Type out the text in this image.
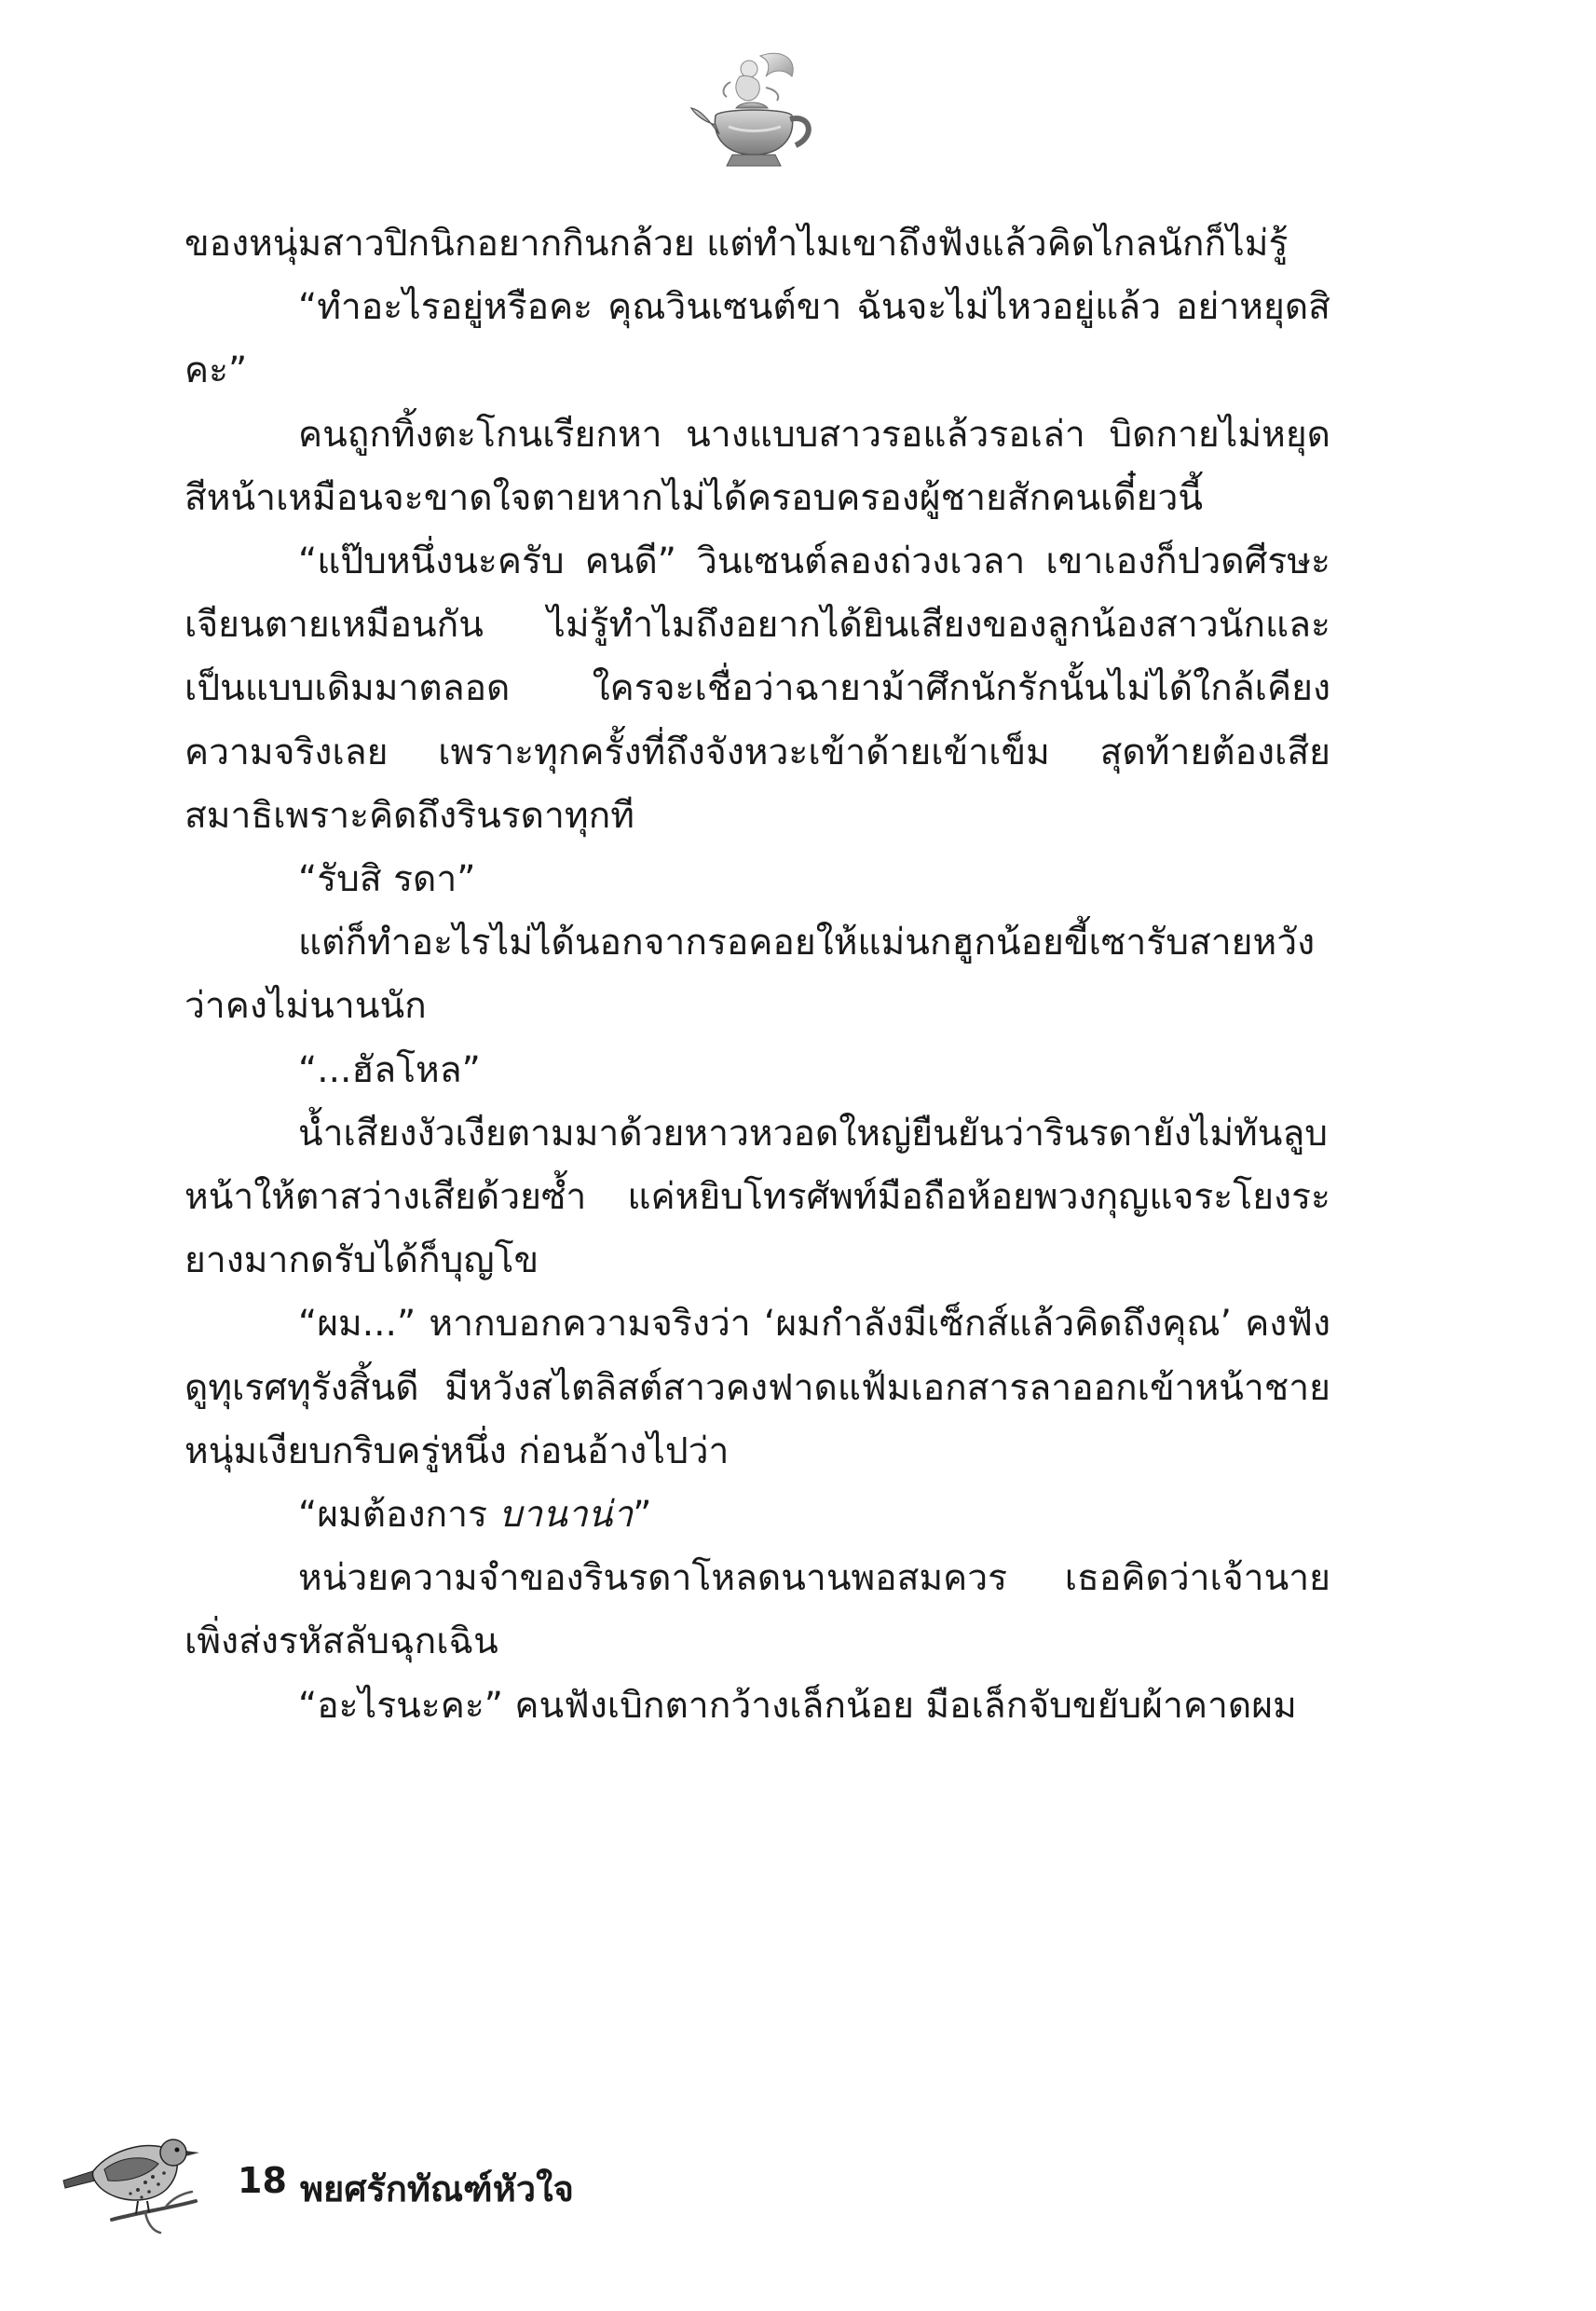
ของหนุ่มสาวปิกนิกอยากกินกล้วย แต่ทำไมเขาถึงฟังแล้วคิดไกลนักก็ไม่รู้

“ทำอะไรอยู่หรือคะ คุณวินเซนต์ขา ฉันจะไม่ไหวอยู่แล้ว อย่าหยุดสิคะ”

คนถูกทิ้งตะโกนเรียกหา นางแบบสาวรอแล้วรอเล่า บิดกายไม่หยุด สีหน้าเหมือนจะขาดใจตายหากไม่ได้ครอบครองผู้ชายสักคนเดี๋ยวนี้

“แป๊บหนึ่งนะครับ คนดี” วินเซนต์ลองถ่วงเวลา เขาเองก็ปวดศีรษะเจียนตายเหมือนกัน ไม่รู้ทำไมถึงอยากได้ยินเสียงของลูกน้องสาวนักและเป็นแบบเดิมมาตลอด ใครจะเชื่อว่าฉายาม้าศึกนักรักนั้นไม่ได้ใกล้เคียงความจริงเลย เพราะทุกครั้งที่ถึงจังหวะเข้าด้ายเข้าเข็ม สุดท้ายต้องเสียสมาธิเพราะคิดถึงรินรดาทุกที

“รับสิ รดา”

แต่ก็ทำอะไรไม่ได้นอกจากรอคอยให้แม่นกฮูกน้อยขี้เซารับสายหวังว่าคงไม่นานนัก

“...ฮัลโหล”

น้ำเสียงงัวเงียตามมาด้วยหาวหวอดใหญ่ยืนยันว่ารินรดายังไม่ทันลูบหน้าให้ตาสว่างเสียด้วยซ้ำ แค่หยิบโทรศัพท์มือถือห้อยพวงกุญแจระโยงระยางมากดรับได้ก็บุญโข

“ผม...” หากบอกความจริงว่า ‘ผมกำลังมีเซ็กส์แล้วคิดถึงคุณ’ คงฟังดูทุเรศทุรังสิ้นดี มีหวังสไตลิสต์สาวคงฟาดแฟ้มเอกสารลาออกเข้าหน้าชายหนุ่มเงียบกริบครู่หนึ่ง ก่อนอ้างไปว่า

“ผมต้องการ บานาน่า”

หน่วยความจำของรินรดาโหลดนานพอสมควร เธอคิดว่าเจ้านายเพิ่งส่งรหัสลับฉุกเฉิน

“อะไรนะคะ” คนฟังเบิกตากว้างเล็กน้อย มือเล็กจับขยับผ้าคาดผม

18 พยศรักทัณฑ์หัวใจ
